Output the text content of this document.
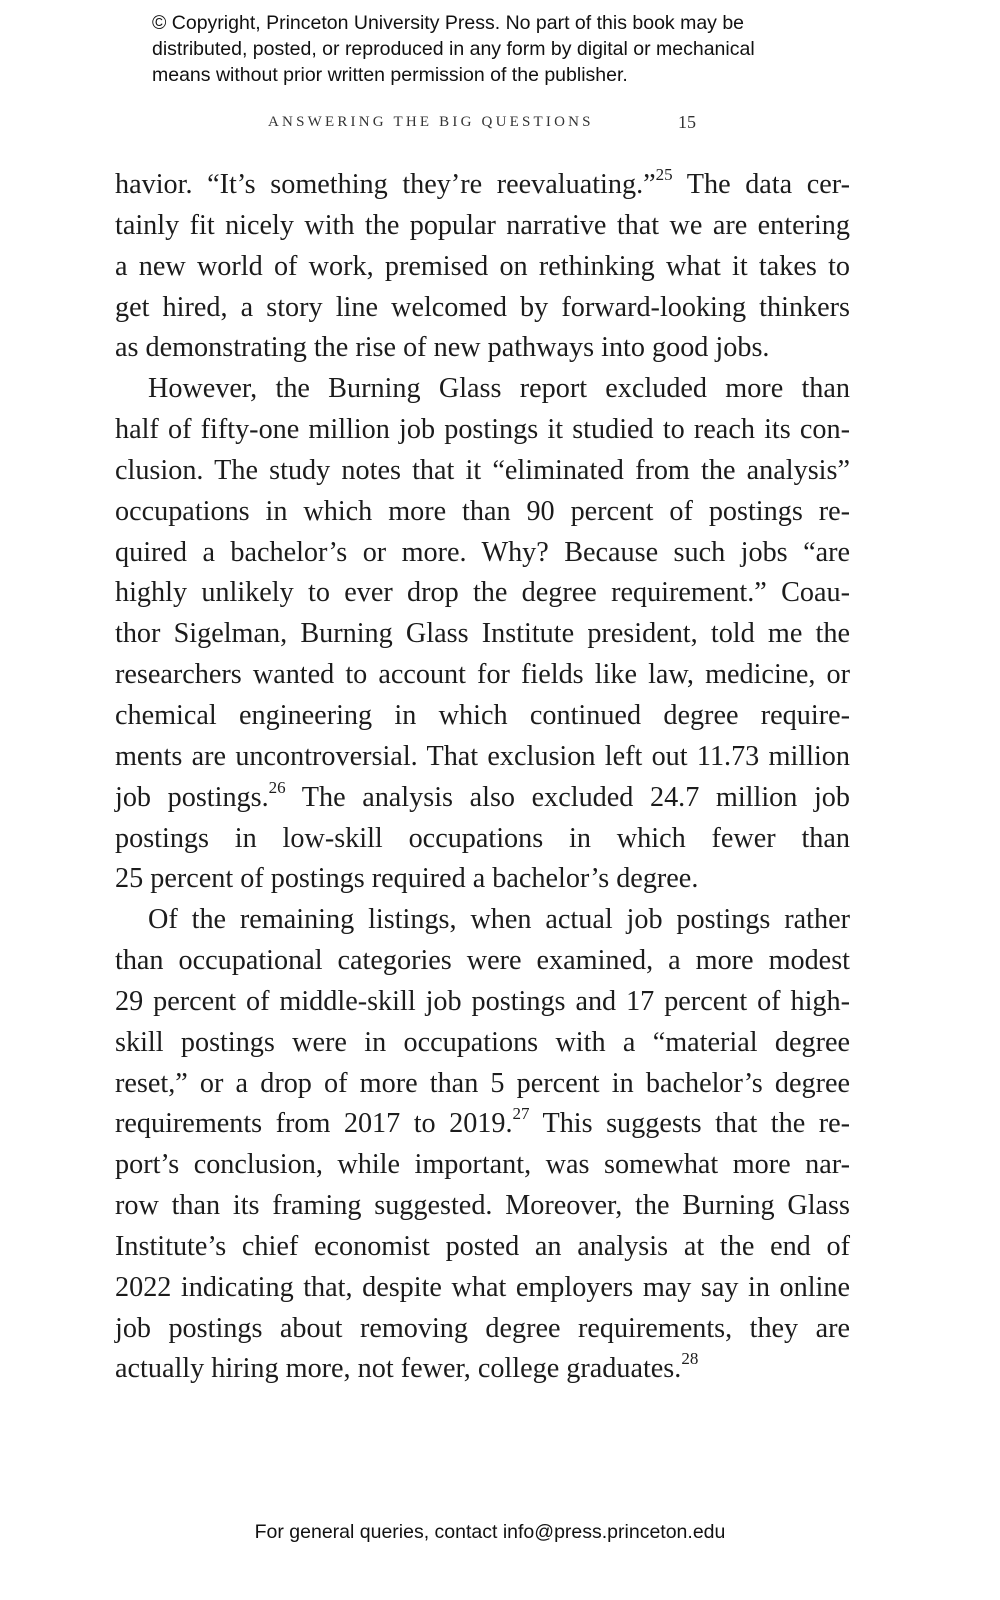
© Copyright, Princeton University Press. No part of this book may be
distributed, posted, or reproduced in any form by digital or mechanical
means without prior written permission of the publisher.
ANSWERING THE BIG QUESTIONS	15
havior. “It’s something they’re reevaluating.”$^{25}$ The data cer-
tainly fit nicely with the popular narrative that we are entering
a new world of work, premised on rethinking what it takes to
get hired, a story line welcomed by forward-looking thinkers
as demonstrating the rise of new pathways into good jobs.
However, the Burning Glass report excluded more than
half of fifty-one million job postings it studied to reach its con-
clusion. The study notes that it “eliminated from the analysis”
occupations in which more than 90 percent of postings re-
quired a bachelor’s or more. Why? Because such jobs “are
highly unlikely to ever drop the degree requirement.” Coau-
thor Sigelman, Burning Glass Institute president, told me the
researchers wanted to account for fields like law, medicine, or
chemical engineering in which continued degree require-
ments are uncontroversial. That exclusion left out 11.73 million
job postings.$^{26}$ The analysis also excluded 24.7 million job
postings in low-skill occupations in which fewer than
25 percent of postings required a bachelor’s degree.
Of the remaining listings, when actual job postings rather
than occupational categories were examined, a more modest
29 percent of middle-skill job postings and 17 percent of high-
skill postings were in occupations with a “material degree
reset,” or a drop of more than 5 percent in bachelor’s degree
requirements from 2017 to 2019.27 This suggests that the re-
port’s conclusion, while important, was somewhat more nar-
row than its framing suggested. Moreover, the Burning Glass
Institute’s chief economist posted an analysis at the end of
2022 indicating that, despite what employers may say in online
job postings about removing degree requirements, they are
actually hiring more, not fewer, college graduates.$^{28}$
For general queries, contact info@press.princeton.edu
